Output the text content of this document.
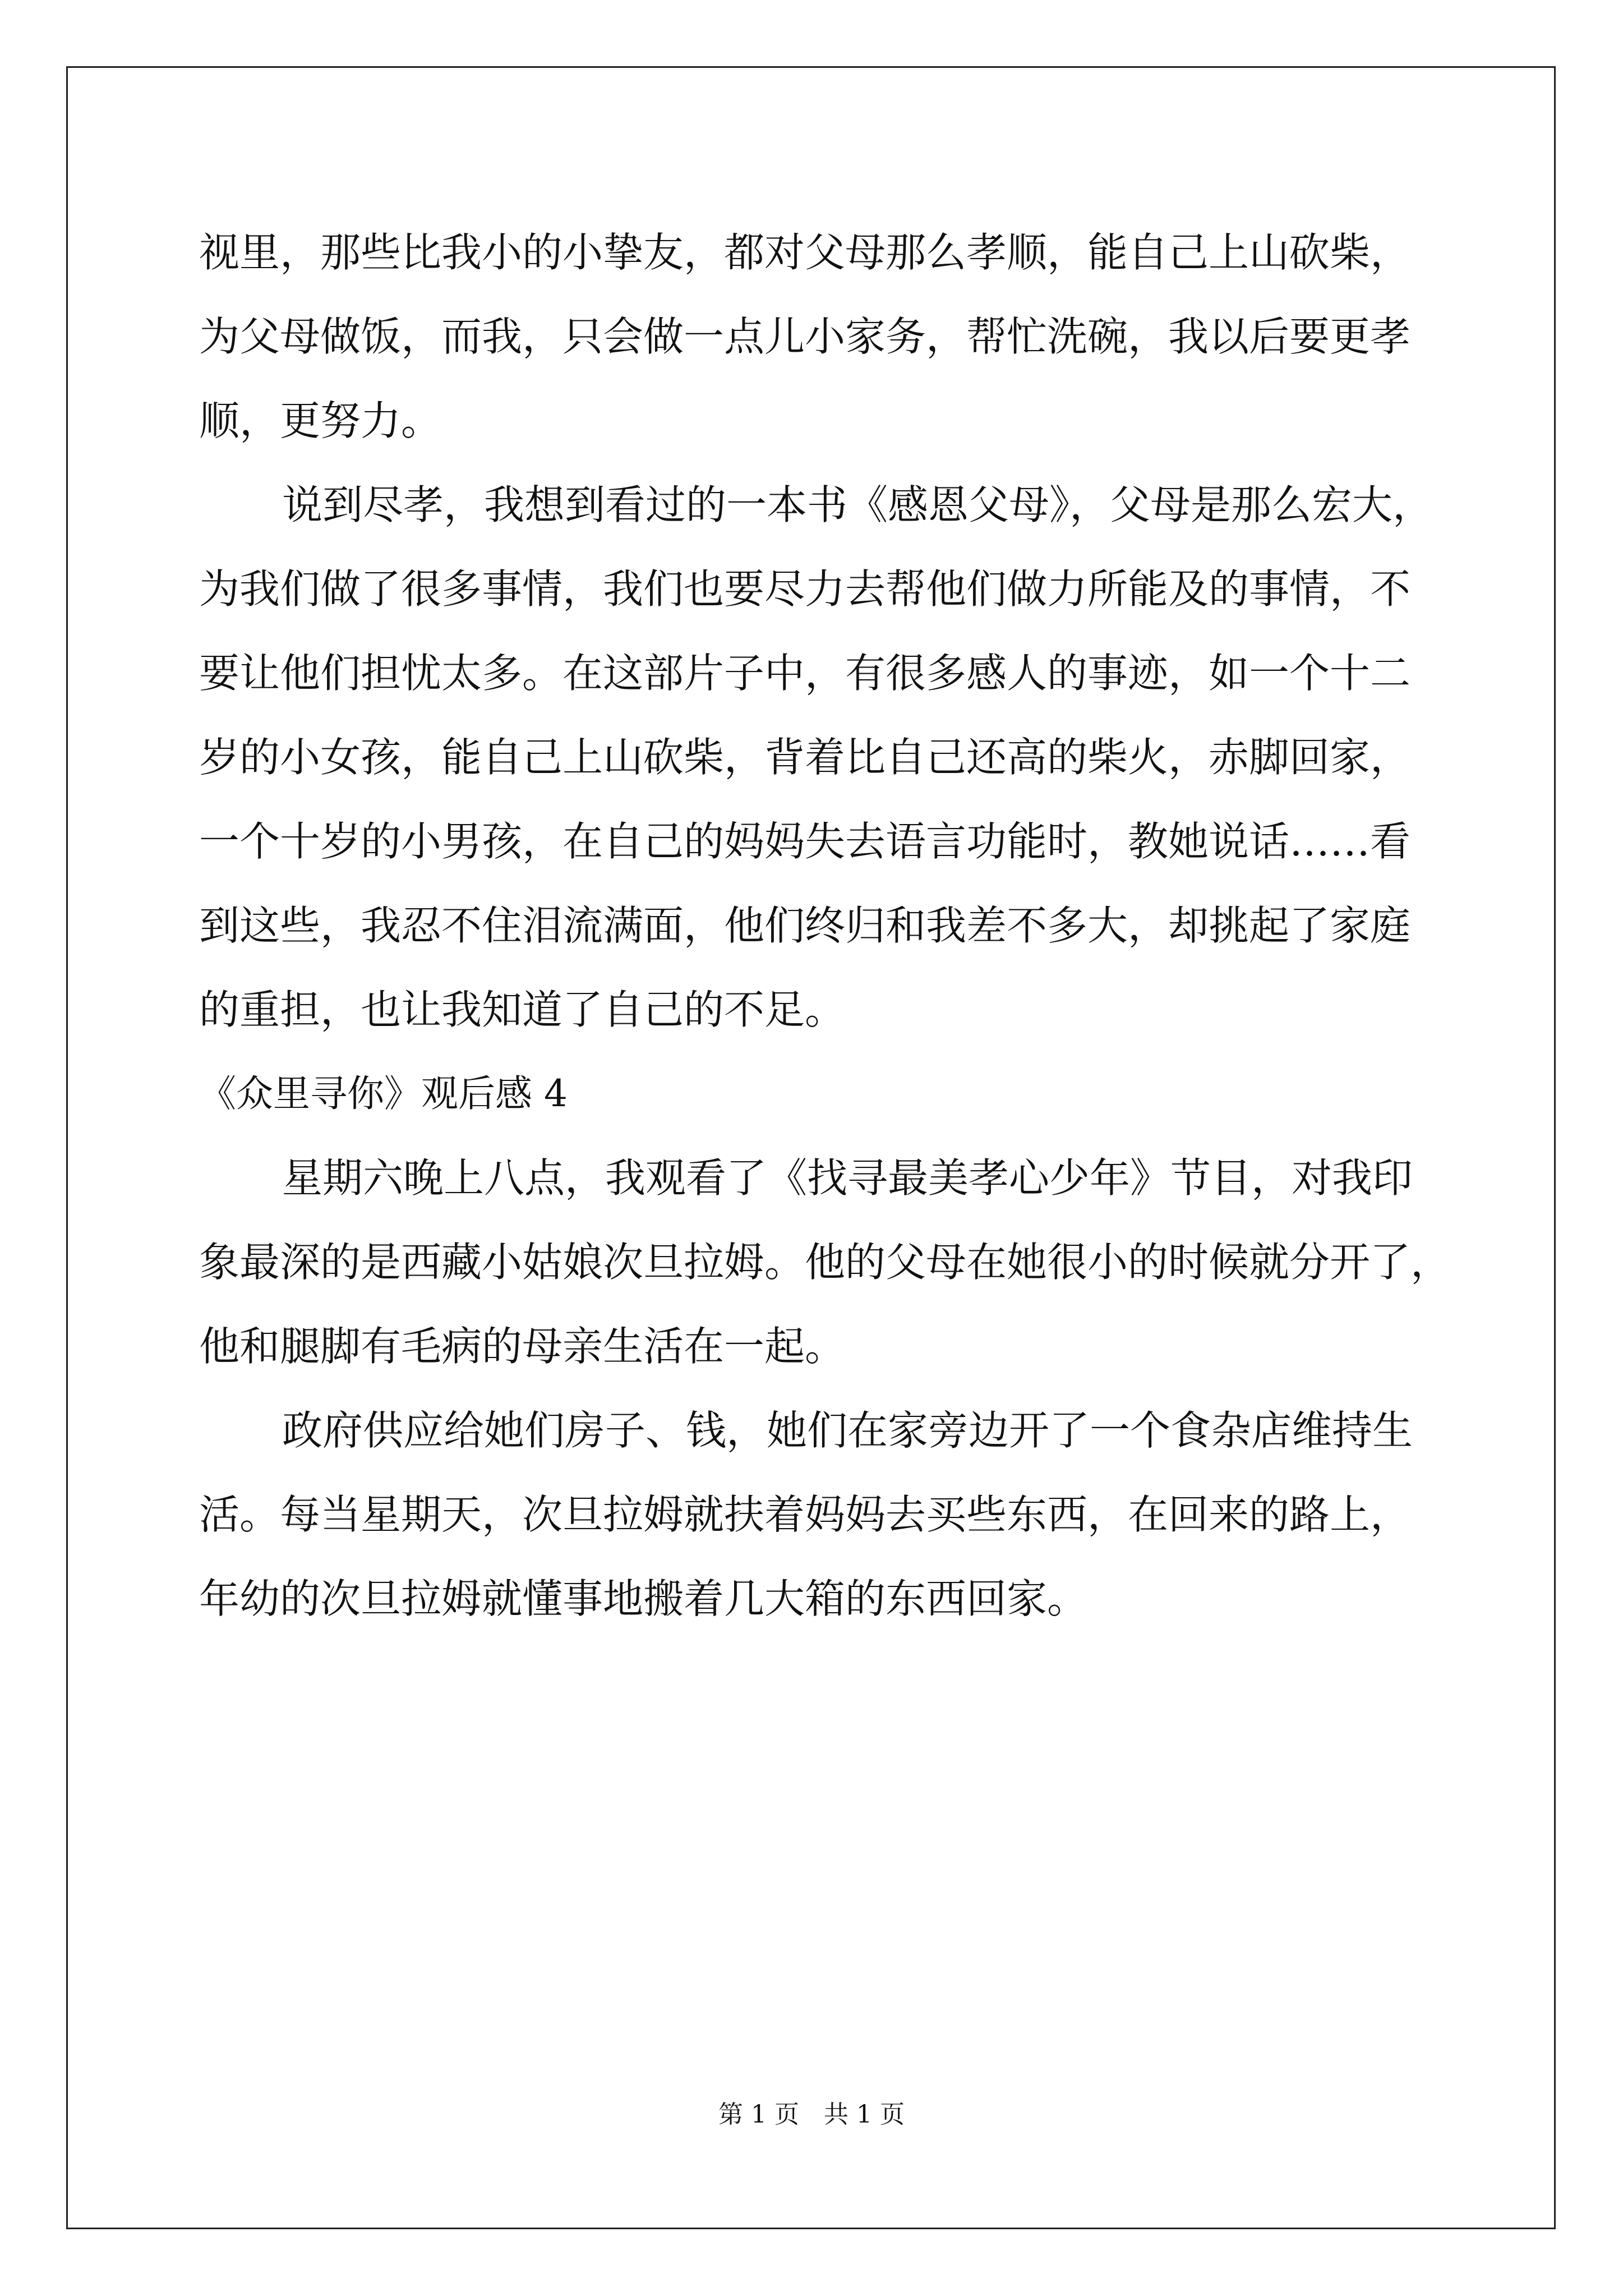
视里，那些比我小的小挚友，都对父母那么孝顺，能自己上山砍柴，
为父母做饭，而我，只会做一点儿小家务，帮忙洗碗，我以后要更孝
顺，更努力。
说到尽孝，我想到看过的一本书《感恩父母》，父母是那么宏大，
为我们做了很多事情，我们也要尽力去帮他们做力所能及的事情，不
要让他们担忧太多。在这部片子中，有很多感人的事迹，如一个十二
岁的小女孩，能自己上山砍柴，背着比自己还高的柴火，赤脚回家，
一个十岁的小男孩，在自己的妈妈失去语言功能时，教她说话……看
到这些，我忍不住泪流满面，他们终归和我差不多大，却挑起了家庭
的重担，也让我知道了自己的不足。
《众里寻你》观后感 4
星期六晚上八点，我观看了《找寻最美孝心少年》节目，对我印
象最深的是西藏小姑娘次旦拉姆。他的父母在她很小的时候就分开了，
他和腿脚有毛病的母亲生活在一起。
政府供应给她们房子、钱，她们在家旁边开了一个食杂店维持生
活。每当星期天，次旦拉姆就扶着妈妈去买些东西，在回来的路上，
年幼的次旦拉姆就懂事地搬着几大箱的东西回家。
第 1 页　共 1 页
